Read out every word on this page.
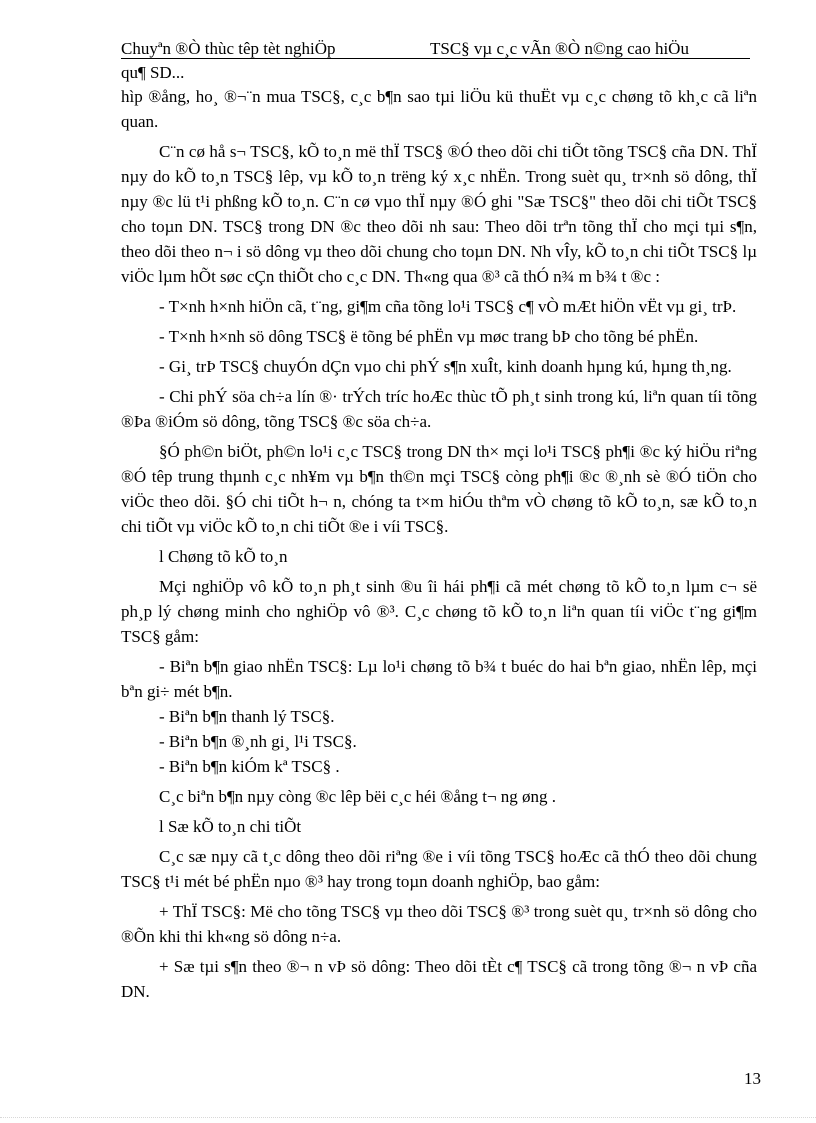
Chuyªn ®Ò thùc têp tèt nghiÖp	TSC§ vµ c¸c vÃn ®Ò n©ng cao hiÖu
qu¶ SD...

hìp ®ång, ho¸ ®¬¨n mua TSC§, c¸c b¶n sao tµi liÖu kü thuËt vµ c¸c chøng tõ kh¸c cã liªn quan.

C¨n cø hå s¬ TSC§, kÕ to¸n më thÏ TSC§ ®Ó theo dõi chi tiÕt tõng TSC§ cña DN. ThÏ nµy do kÕ to¸n TSC§ lêp, vµ kÕ to¸n trëng ký x¸c nhËn. Trong suèt qu¸ tr×nh sö dông, thÏ nµy ®c lü t¹i phßng kÕ to¸n. C¨n cø vµo thÏ nµy ®Ó ghi "Sæ TSC§" theo dõi chi tiÕt TSC§ cho toµn DN. TSC§ trong DN ®c theo dõi nh sau: Theo dõi trªn tõng thÏ cho mçi tµi s¶n, theo dõi theo n¬ i sö dông vµ theo dõi chung cho toµn DN. Nh vÎy, kÕ to¸n chi tiÕt TSC§ lµ viÖc lµm hÕt søc cÇn thiÕt cho c¸c DN. Th«ng qua ®³ cã thÓ n¾ m b¾ t ®c :

- T×nh h×nh hiÖn cã, t¨ng, gi¶m cña tõng lo¹i TSC§ c¶ vÒ mÆt hiÖn vËt vµ gi¸ trÞ.

- T×nh h×nh sö dông TSC§ ë tõng bé phËn vµ møc trang bÞ cho tõng bé phËn.

- Gi¸ trÞ TSC§ chuyÓn dÇn vµo chi phÝ s¶n xuÎt, kinh doanh hµng kú, hµng th¸ng.

- Chi phÝ söa ch÷a lín ®· trÝch tríc hoÆc thùc tÕ ph¸t sinh trong kú, liªn quan tíi tõng ®Þa ®iÓm sö dông, tõng TSC§ ®c söa ch÷a.

§Ó ph©n biÖt, ph©n lo¹i c¸c TSC§ trong DN th× mçi lo¹i TSC§ ph¶i ®c ký hiÖu riªng ®Ó têp trung thµnh c¸c nh¥m vµ b¶n th©n mçi TSC§ còng ph¶i ®c ®¸nh sè ®Ó tiÖn cho viÖc theo dõi. §Ó chi tiÕt h¬ n, chóng ta t×m hiÓu thªm vÒ chøng tõ kÕ to¸n, sæ kÕ to¸n chi tiÕt vµ viÖc kÕ to¸n chi tiÕt ®e i víi TSC§.

l Chøng tõ kÕ to¸n

Mçi nghiÖp vô kÕ to¸n ph¸t sinh ®u îi hái ph¶i cã mét chøng tõ kÕ to¸n lµm c¬ së ph¸p lý chøng minh cho nghiÖp vô ®³. C¸c chøng tõ kÕ to¸n liªn quan tíi viÖc t¨ng gi¶m TSC§ gåm:

- Biªn b¶n giao nhËn TSC§: Lµ lo¹i chøng tõ b¾ t buéc do hai bªn giao, nhËn lêp, mçi bªn gi÷ mét b¶n.

- Biªn b¶n thanh lý TSC§.

- Biªn b¶n ®¸nh gi¸ l¹i TSC§.

- Biªn b¶n kiÓm kª TSC§ .

C¸c biªn b¶n nµy còng ®c lêp bëi c¸c héi ®ång t¬ ng øng .

l Sæ kÕ to¸n chi tiÕt

C¸c sæ nµy cã t¸c dông theo dõi riªng ®e i víi tõng TSC§ hoÆc cã thÓ theo dõi chung TSC§ t¹i mét bé phËn nµo ®³ hay trong toµn doanh nghiÖp, bao gåm:

+ ThÏ TSC§: Më cho tõng TSC§ vµ theo dõi TSC§ ®³ trong suèt qu¸ tr×nh sö dông cho ®Õn khi thi kh«ng sö dông n÷a.

+ Sæ tµi s¶n theo ®¬ n vÞ sö dông: Theo dõi tÈt c¶ TSC§ cã trong tõng ®¬ n vÞ cña DN.

13
